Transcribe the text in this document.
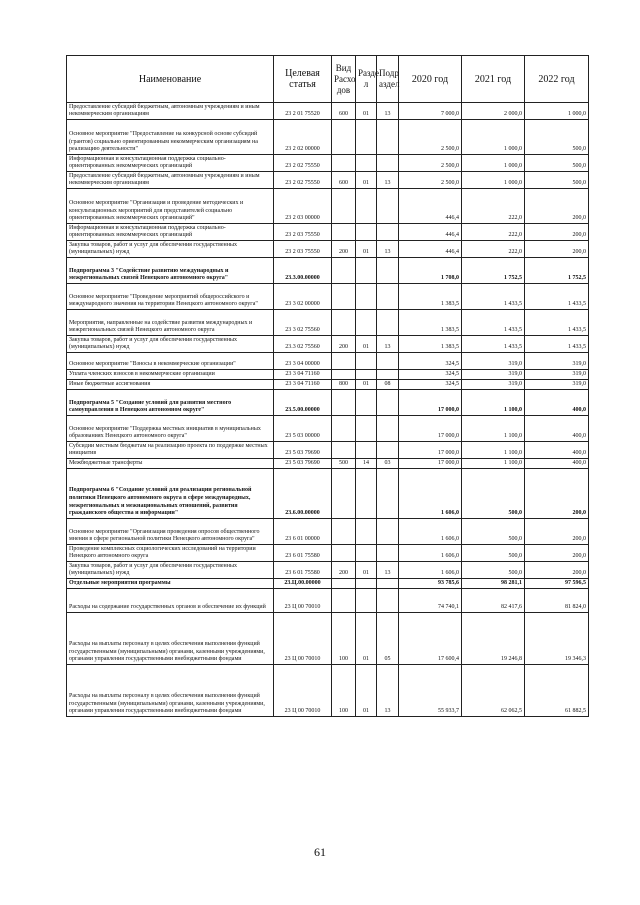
Наименование	Целевая статья	Вид Расхо дов	Разде л	Подр аздел	2020 год	2021 год	2022 год
Предоставление субсидий бюджетным, автономным учреждениям и иным некоммерческим организациям	23 2 01 75520	600	01	13	7 000,0	2 000,0	1 000,0
Основное мероприятие "Предоставление на конкурсной основе субсидий (грантов) социально ориентированным некоммерческим организациям на реализацию деятельности"	23 2 02 00000				2 500,0	1 000,0	500,0
Информационная и консультационная поддержка социально-ориентированных некоммерческих организаций	23 2 02 75550				2 500,0	1 000,0	500,0
Предоставление субсидий бюджетным, автономным учреждениям и иным некоммерческим организациям	23 2 02 75550	600	01	13	2 500,0	1 000,0	500,0
Основное мероприятие "Организация и проведение методических и консультационных мероприятий для представителей социально ориентированных некоммерческих организаций"	23 2 03 00000				446,4	222,0	200,0
Информационная и консультационная поддержка социально-ориентированных некоммерческих организаций	23 2 03 75550				446,4	222,0	200,0
Закупка товаров, работ и услуг для обеспечения государственных (муниципальных) нужд	23 2 03 75550	200	01	13	446,4	222,0	200,0
Подпрограмма 3 "Содействие развитию международных и межрегиональных связей Ненецкого автономного округа"	23.3.00.00000				1 708,0	1 752,5	1 752,5
Основное мероприятие "Проведение мероприятий общероссийского и международного значения на территории Ненецкого автономного округа"	23 3 02 00000				1 383,5	1 433,5	1 433,5
Мероприятия, направленные на содействие развития международных и межрегиональных связей Ненецкого автономного округа	23 3 02 75560				1 383,5	1 433,5	1 433,5
Закупка товаров, работ и услуг для обеспечения государственных (муниципальных) нужд	23.3 02 75560	200	01	13	1 383,5	1 433,5	1 433,5
Основное мероприятие "Взносы в некоммерческие организации"	23 3 04 00000				324,5	319,0	319,0
Уплата членских взносов в некоммерческие организации	23 3 04 71160				324,5	319,0	319,0
Иные бюджетные ассигнования	23 3 04 71160	800	01	08	324,5	319,0	319,0
Подпрограмма 5 "Создание условий для развития местного самоуправления в Ненецком автономном округе"	23.5.00.00000				17 000,0	1 100,0	400,0
Основное мероприятие "Поддержка местных инициатив в муниципальных образованиях Ненецкого автономного округа"	23 5 03 00000				17 000,0	1 100,0	400,0
Субсидии местным бюджетам на реализацию проекта по поддержке местных инициатив	23 5 03 79690				17 000,0	1 100,0	400,0
Межбюджетные трансферты	23 5 03 79690	500	14	03	17 000,0	1 100,0	400,0
Подпрограмма 6 "Создание условий для реализации региональной политики Ненецкого автономного округа в сфере международных, межрегиональных и межнациональных отношений, развития гражданского общества и информации"	23.6.00.00000				1 606,0	500,0	200,0
Основное мероприятие "Организация проведения опросов общественного мнения в сфере региональной политики Ненецкого автономного округа"	23 6 01 00000				1 606,0	500,0	200,0
Проведение комплексных социологических исследований на территории Ненецкого автономного округа	23 6 01 75580				1 606,0	500,0	200,0
Закупка товаров, работ и услуг для обеспечения государственных (муниципальных) нужд	23 6 01 75580	200	01	13	1 606,0	500,0	200,0
Отдельные мероприятия программы	23.Ц.00.00000				93 785,6	98 281,1	97 596,5
Расходы на содержание государственных органов и обеспечение их функций	23 Ц 00 70010				74 740,1	82 417,6	81 824,0
Расходы на выплаты персоналу в целях обеспечения выполнения функций государственными (муниципальными) органами, казенными учреждениями, органами управления государственными внебюджетными фондами	23 Ц 00 70010	100	01	05	17 600,4	19 246,8	19 346,3
Расходы на выплаты персоналу в целях обеспечения выполнения функций государственными (муниципальными) органами, казенными учреждениями, органами управления государственными внебюджетными фондами	23 Ц 00 70010	100	01	13	55 933,7	62 062,5	61 882,5
61
